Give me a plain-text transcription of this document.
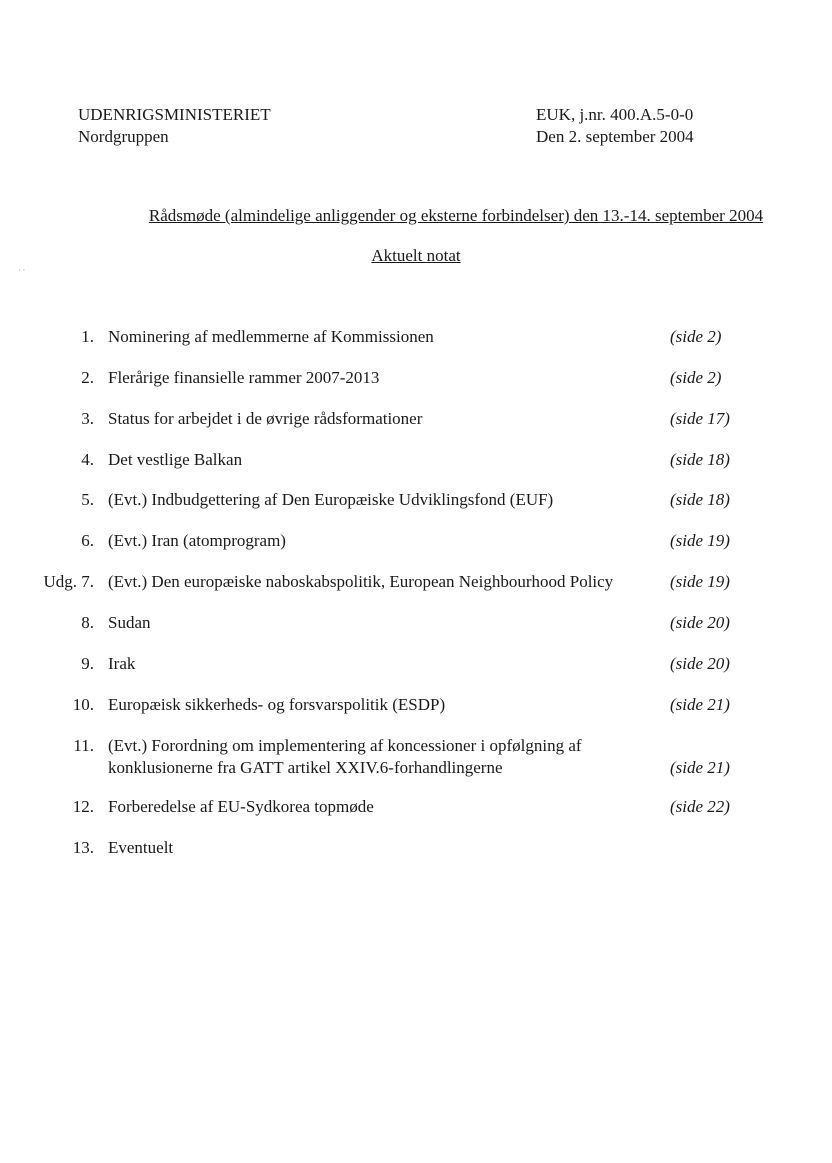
UDENRIGSMINISTERIET
Nordgruppen
EUK, j.nr. 400.A.5-0-0
Den 2. september 2004
· ·
Rådsmøde (almindelige anliggender og eksterne forbindelser) den 13.-14. september 2004
Aktuelt notat
1. Nominering af medlemmerne af Kommissionen	(side 2)
2. Flerårige finansielle rammer 2007-2013	(side 2)
3. Status for arbejdet i de øvrige rådsformationer	(side 17)
4. Det vestlige Balkan	(side 18)
5. (Evt.) Indbudgettering af Den Europæiske Udviklingsfond (EUF)	(side 18)
6. (Evt.) Iran (atomprogram)	(side 19)
Udg. 7. (Evt.) Den europæiske naboskabspolitik, European Neighbourhood Policy	(side 19)
8. Sudan	(side 20)
9. Irak	(side 20)
10. Europæisk sikkerheds- og forsvarspolitik (ESDP)	(side 21)
11. (Evt.) Forordning om implementering af koncessioner i opfølgning af
konklusionerne fra GATT artikel XXIV.6-forhandlingerne	(side 21)
12. Forberedelse af EU-Sydkorea topmøde	(side 22)
13. Eventuelt
